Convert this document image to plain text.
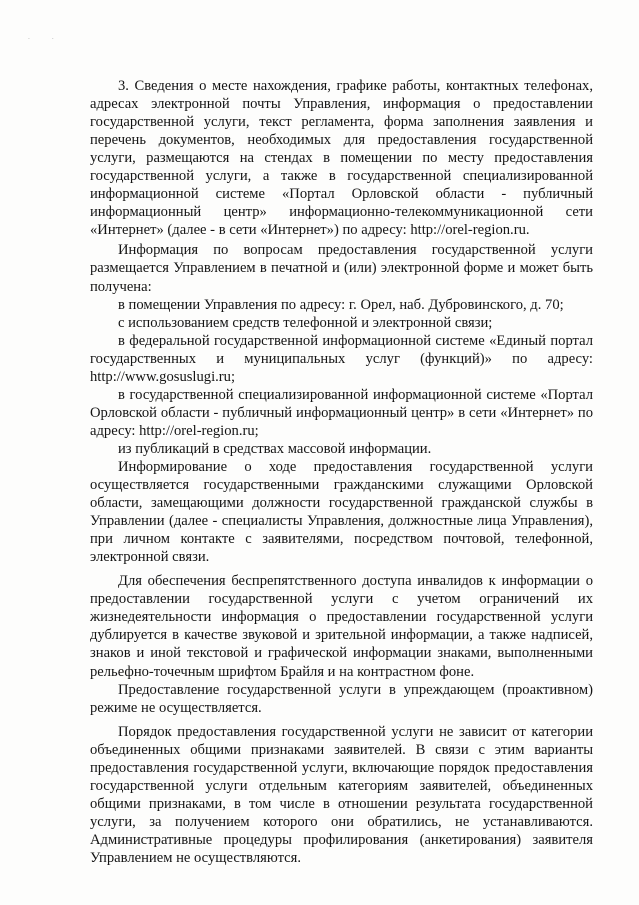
. .

3. Сведения о месте нахождения, графике работы, контактных телефонах, адресах электронной почты Управления, информация о предоставлении государственной услуги, текст регламента, форма заполнения заявления и перечень документов, необходимых для предоставления государственной услуги, размещаются на стендах в помещении по месту предоставления государственной услуги, а также в государственной специализированной информационной системе «Портал Орловской области - публичный информационный центр» информационно-телекоммуникационной сети «Интернет» (далее - в сети «Интернет») по адресу: http://orel-region.ru.

Информация по вопросам предоставления государственной услуги размещается Управлением в печатной и (или) электронной форме и может быть получена:

в помещении Управления по адресу: г. Орел, наб. Дубровинского, д. 70;

с использованием средств телефонной и электронной связи;

в федеральной государственной информационной системе «Единый портал государственных и муниципальных услуг (функций)» по адресу: http://www.gosuslugi.ru;

в государственной специализированной информационной системе «Портал Орловской области - публичный информационный центр» в сети «Интернет» по адресу: http://orel-region.ru;

из публикаций в средствах массовой информации.

Информирование о ходе предоставления государственной услуги осуществляется государственными гражданскими служащими Орловской области, замещающими должности государственной гражданской службы в Управлении (далее - специалисты Управления, должностные лица Управления), при личном контакте с заявителями, посредством почтовой, телефонной, электронной связи.

Для обеспечения беспрепятственного доступа инвалидов к информации о предоставлении государственной услуги с учетом ограничений их жизнедеятельности информация о предоставлении государственной услуги дублируется в качестве звуковой и зрительной информации, а также надписей, знаков и иной текстовой и графической информации знаками, выполненными рельефно-точечным шрифтом Брайля и на контрастном фоне.

Предоставление государственной услуги в упреждающем (проактивном) режиме не осуществляется.

Порядок предоставления государственной услуги не зависит от категории объединенных общими признаками заявителей. В связи с этим варианты предоставления государственной услуги, включающие порядок предоставления государственной услуги отдельным категориям заявителей, объединенных общими признаками, в том числе в отношении результата государственной услуги, за получением которого они обратились, не устанавливаются. Административные процедуры профилирования (анкетирования) заявителя Управлением не осуществляются.
